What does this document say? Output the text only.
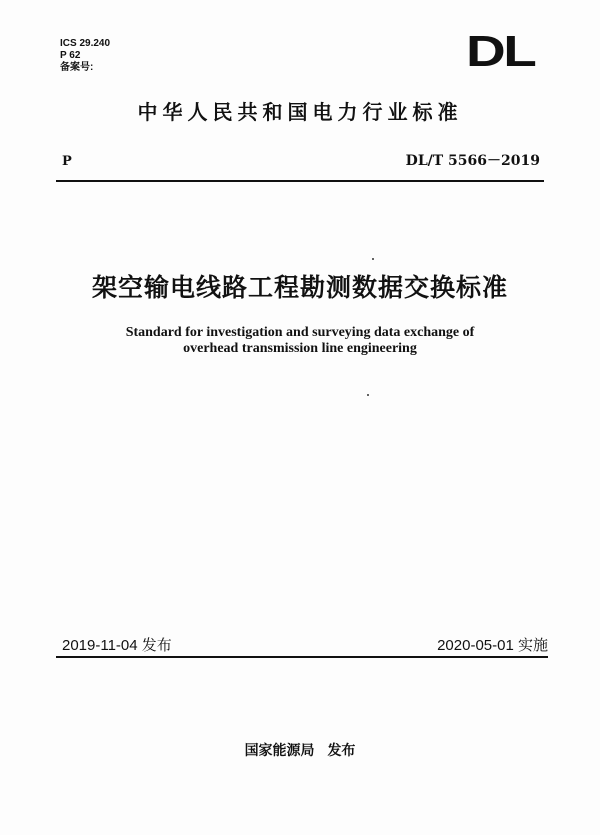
ICS 29.240
P 62
备案号:	DL
中华人民共和国电力行业标准
P	DL/T 5566－2019
架空输电线路工程勘测数据交换标准
Standard for investigation and surveying data exchange of
overhead transmission line engineering
2019-11-04 发布	2020-05-01 实施
国家能源局 发布
